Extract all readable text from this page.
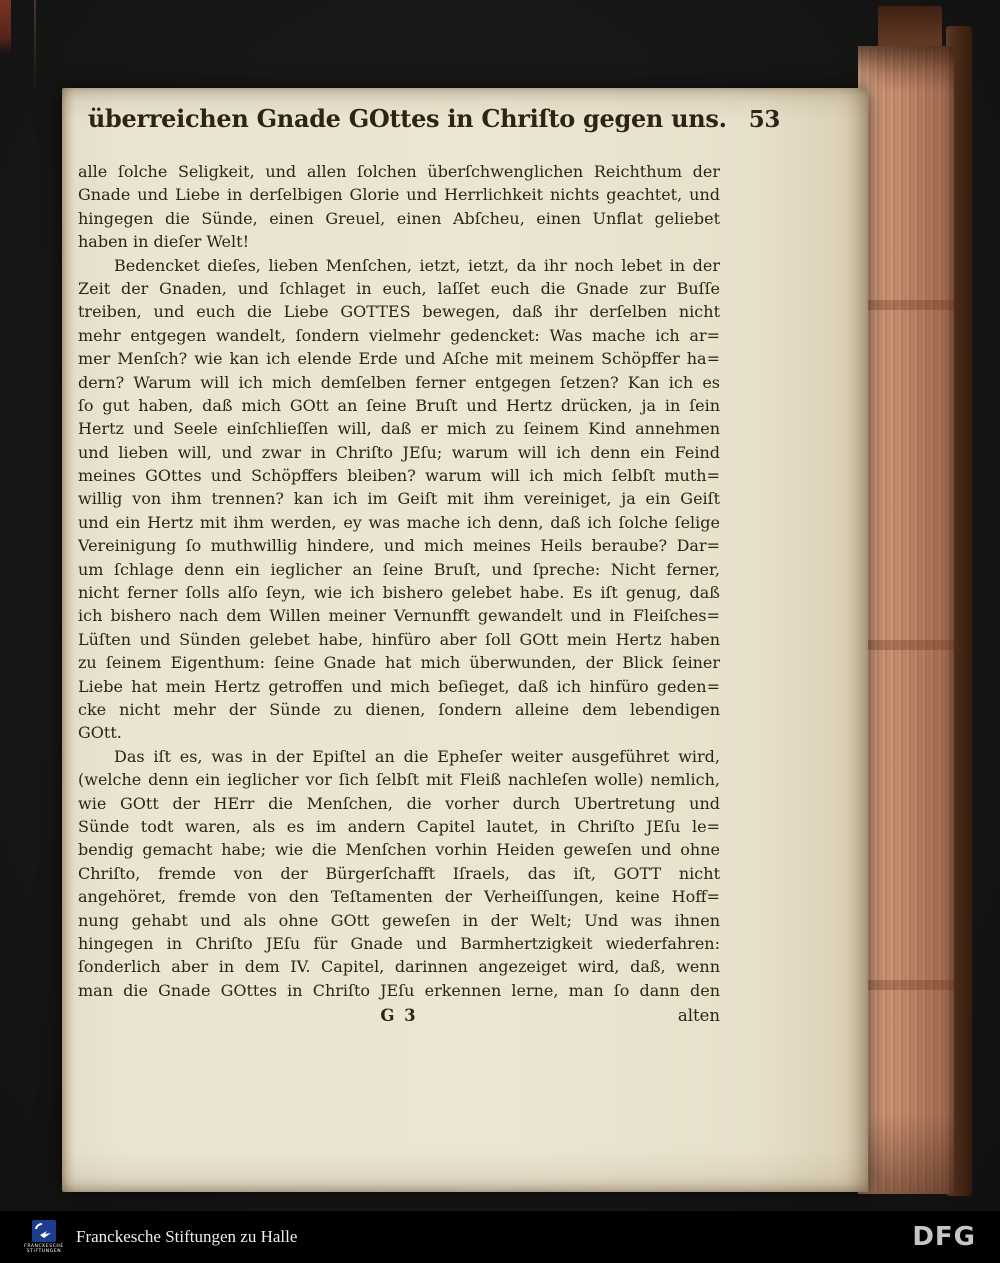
überreichen Gnade GOttes in Chriſto gegen uns. 53
alle ſolche Seligkeit, und allen ſolchen überſchwenglichen Reichthum der
Gnade und Liebe in derſelbigen Glorie und Herrlichkeit nichts geachtet, und
hingegen die Sünde, einen Greuel, einen Abſcheu, einen Unflat geliebet
haben in dieſer Welt!
Bedencket dieſes, lieben Menſchen, ietzt, ietzt, da ihr noch lebet in der
Zeit der Gnaden, und ſchlaget in euch, laſſet euch die Gnade zur Buſſe
treiben, und euch die Liebe GOTTES bewegen, daß ihr derſelben nicht
mehr entgegen wandelt, ſondern vielmehr gedencket: Was mache ich ar=
mer Menſch? wie kan ich elende Erde und Aſche mit meinem Schöpffer ha=
dern? Warum will ich mich demſelben ferner entgegen ſetzen? Kan ich es
ſo gut haben, daß mich GOtt an ſeine Bruſt und Hertz drücken, ja in ſein
Hertz und Seele einſchlieſſen will, daß er mich zu ſeinem Kind annehmen
und lieben will, und zwar in Chriſto JEſu; warum will ich denn ein Feind
meines GOttes und Schöpffers bleiben? warum will ich mich ſelbſt muth=
willig von ihm trennen? kan ich im Geiſt mit ihm vereiniget, ja ein Geiſt
und ein Hertz mit ihm werden, ey was mache ich denn, daß ich ſolche ſelige
Vereinigung ſo muthwillig hindere, und mich meines Heils beraube? Dar=
um ſchlage denn ein ieglicher an ſeine Bruſt, und ſpreche: Nicht ferner,
nicht ferner ſolls alſo ſeyn, wie ich bishero gelebet habe. Es iſt genug, daß
ich bishero nach dem Willen meiner Vernunfft gewandelt und in Fleiſches=
Lüſten und Sünden gelebet habe, hinfüro aber ſoll GOtt mein Hertz haben
zu ſeinem Eigenthum: ſeine Gnade hat mich überwunden, der Blick ſeiner
Liebe hat mein Hertz getroffen und mich beſieget, daß ich hinfüro geden=
cke nicht mehr der Sünde zu dienen, ſondern alleine dem lebendigen
GOtt.
Das iſt es, was in der Epiſtel an die Epheſer weiter ausgeführet wird,
(welche denn ein ieglicher vor ſich ſelbſt mit Fleiß nachleſen wolle) nemlich,
wie GOtt der HErr die Menſchen, die vorher durch Ubertretung und
Sünde todt waren, als es im andern Capitel lautet, in Chriſto JEſu le=
bendig gemacht habe; wie die Menſchen vorhin Heiden geweſen und ohne
Chriſto, fremde von der Bürgerſchafft Iſraels, das iſt, GOTT nicht
angehöret, fremde von den Teſtamenten der Verheiſſungen, keine Hoff=
nung gehabt und als ohne GOtt geweſen in der Welt; Und was ihnen
hingegen in Chriſto JEſu für Gnade und Barmhertzigkeit wiederfahren:
ſonderlich aber in dem IV. Capitel, darinnen angezeiget wird, daß, wenn
man die Gnade GOttes in Chriſto JEſu erkennen lerne, man ſo dann den
G 3	alten
FRANCKESCHE
STIFTUNGEN
Franckesche Stiftungen zu Halle	DFG
